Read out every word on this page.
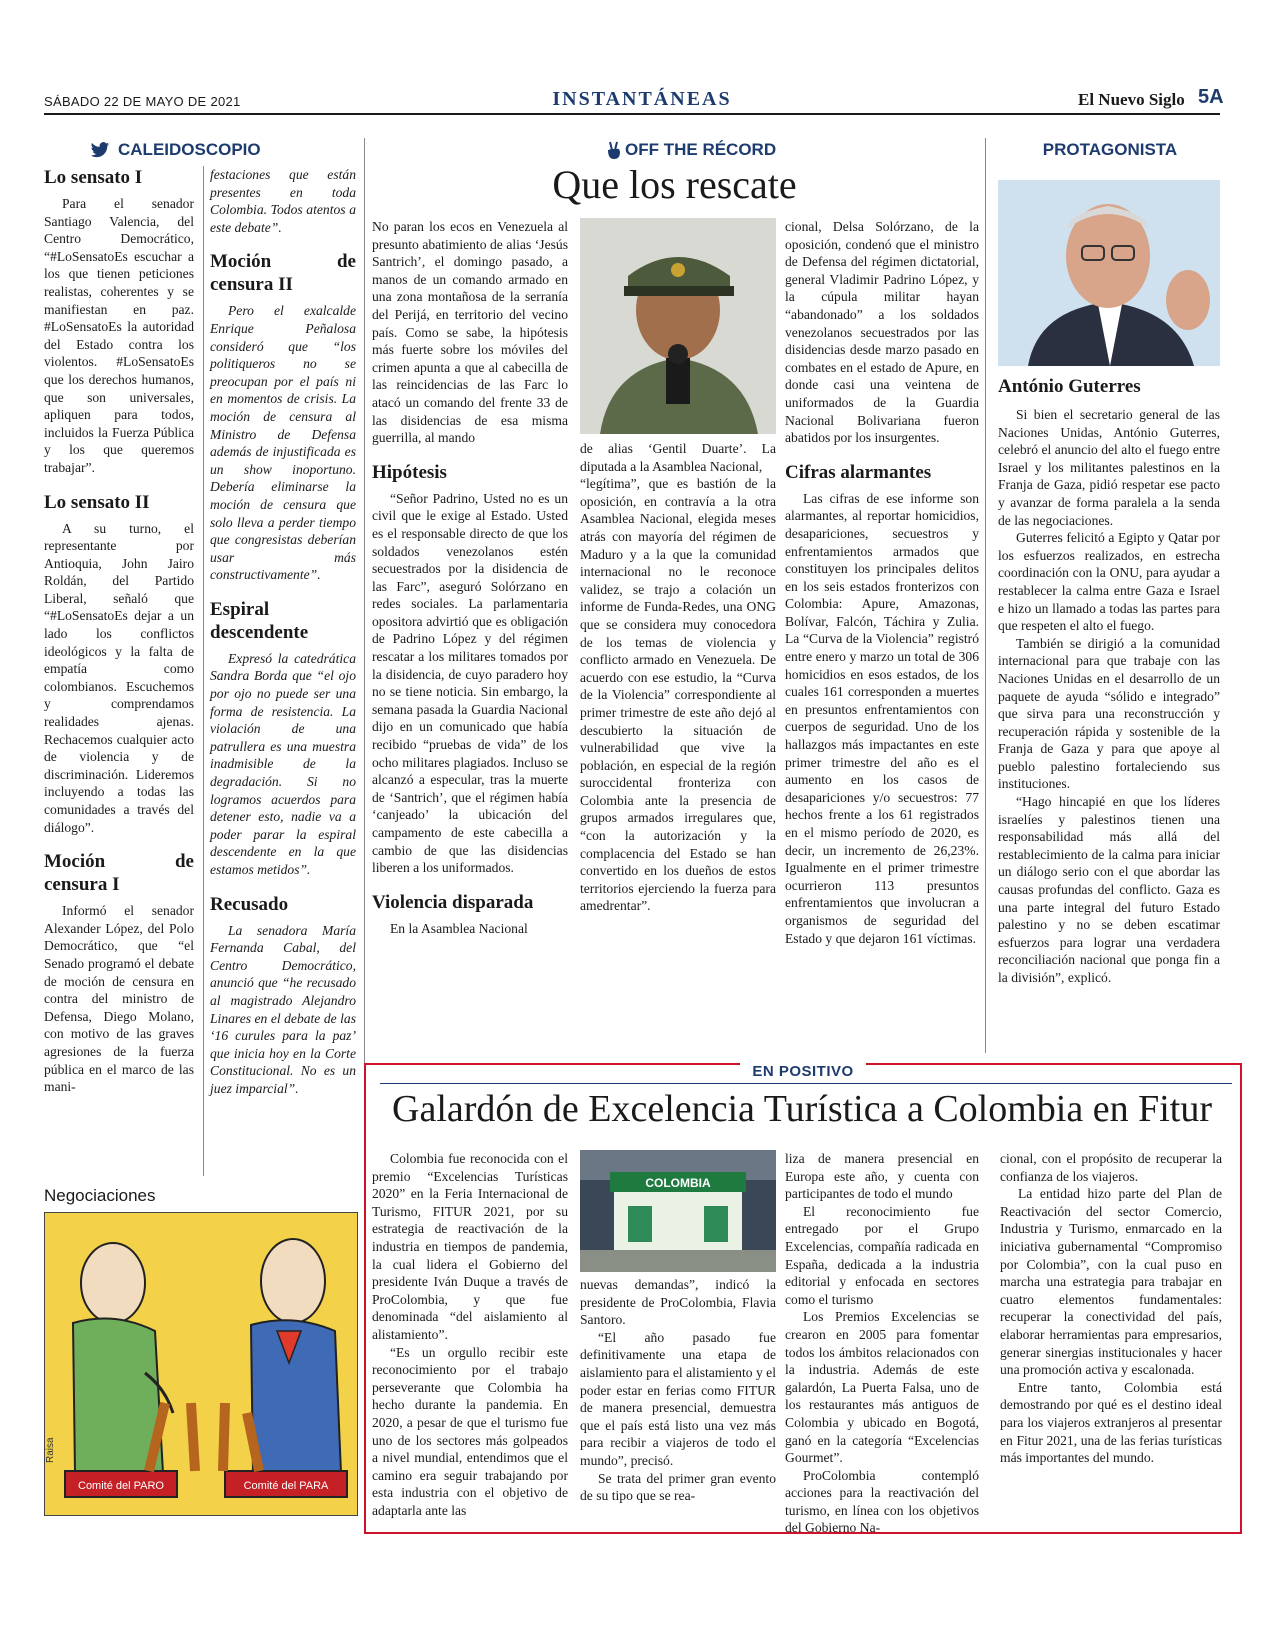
SÁBADO 22 DE MAYO DE 2021	INSTANTÁNEAS	El Nuevo Siglo 5A
CALEIDOSCOPIO
Lo sensato I

Para el senador Santiago Valencia, del Centro Democrático, “#LoSensatoEs escuchar a los que tienen peticiones realistas, coherentes y se manifiestan en paz. #LoSensatoEs la autoridad del Estado contra los violentos. #LoSensatoEs que los derechos humanos, que son universales, apliquen para todos, incluidos la Fuerza Pública y los que queremos trabajar”.

Lo sensato II

A su turno, el representante por Antioquia, John Jairo Roldán, del Partido Liberal, señaló que “#LoSensatoEs dejar a un lado los conflictos ideológicos y la falta de empatía como colombianos. Escuchemos y comprendamos realidades ajenas. Rechacemos cualquier acto de violencia y de discriminación. Lideremos incluyendo a todas las comunidades a través del diálogo”.

Moción de censura I

Informó el senador Alexander López, del Polo Democrático, que “el Senado programó el debate de moción de censura en contra del ministro de Defensa, Diego Molano, con motivo de las graves agresiones de la fuerza pública en el marco de las mani-

festaciones que están presentes en toda Colombia. Todos atentos a este debate”.

Moción de censura II

Pero el exalcalde Enrique Peñalosa consideró que “los politiqueros no se preocupan por el país ni en momentos de crisis. La moción de censura al Ministro de Defensa además de injustificada es un show inoportuno. Debería eliminarse la moción de censura que solo lleva a perder tiempo que congresistas deberían usar más constructivamente”.

Espiral descendente

Expresó la catedrática Sandra Borda que “el ojo por ojo no puede ser una forma de resistencia. La violación de una patrullera es una muestra inadmisible de la degradación. Si no logramos acuerdos para detener esto, nadie va a poder parar la espiral descendente en la que estamos metidos”.

Recusado

La senadora María Fernanda Cabal, del Centro Democrático, anunció que “he recusado al magistrado Alejandro Linares en el debate de las ‘16 curules para la paz’ que inicia hoy en la Corte Constitucional. No es un juez imparcial”.

Negociaciones
Comité del PARO	Comité del PARA
Raisa
OFF THE RÉCORD
Que los rescate

No paran los ecos en Venezuela al presunto abatimiento de alias ‘Jesús Santrich’, el domingo pasado, a manos de un comando armado en una zona montañosa de la serranía del Perijá, en territorio del vecino país. Como se sabe, la hipótesis más fuerte sobre los móviles del crimen apunta a que al cabecilla de las reincidencias de las Farc lo atacó un comando del frente 33 de las disidencias de esa misma guerrilla, al mando

Hipótesis

“Señor Padrino, Usted no es un civil que le exige al Estado. Usted es el responsable directo de que los soldados venezolanos estén secuestrados por la disidencia de las Farc”, aseguró Solórzano en redes sociales. La parlamentaria opositora advirtió que es obligación de Padrino López y del régimen rescatar a los militares tomados por la disidencia, de cuyo paradero hoy no se tiene noticia. Sin embargo, la semana pasada la Guardia Nacional dijo en un comunicado que había recibido “pruebas de vida” de los ocho militares plagiados. Incluso se alcanzó a especular, tras la muerte de ‘Santrich’, que el régimen había ‘canjeado’ la ubicación del campamento de este cabecilla a cambio de que las disidencias liberen a los uniformados.

Violencia disparada

En la Asamblea Nacional

de alias ‘Gentil Duarte’. La diputada a la Asamblea Nacional,

“legítima”, que es bastión de la oposición, en contravía a la otra Asamblea Nacional, elegida meses atrás con mayoría del régimen de Maduro y a la que la comunidad internacional no le reconoce validez, se trajo a colación un informe de Funda-Redes, una ONG que se considera muy conocedora de los temas de violencia y conflicto armado en Venezuela. De acuerdo con ese estudio, la “Curva de la Violencia” correspondiente al primer trimestre de este año dejó al descubierto la situación de vulnerabilidad que vive la población, en especial de la región suroccidental fronteriza con Colombia ante la presencia de grupos armados irregulares que, “con la autorización y la complacencia del Estado se han convertido en los dueños de estos territorios ejerciendo la fuerza para amedrentar”.

cional, Delsa Solórzano, de la oposición, condenó que el ministro de Defensa del régimen dictatorial, general Vladimir Padrino López, y la cúpula militar hayan “abandonado” a los soldados venezolanos secuestrados por las disidencias desde marzo pasado en combates en el estado de Apure, en donde casi una veintena de uniformados de la Guardia Nacional Bolivariana fueron abatidos por los insurgentes.

Cifras alarmantes

Las cifras de ese informe son alarmantes, al reportar homicidios, desapariciones, secuestros y enfrentamientos armados que constituyen los principales delitos en los seis estados fronterizos con Colombia: Apure, Amazonas, Bolívar, Falcón, Táchira y Zulia. La “Curva de la Violencia” registró entre enero y marzo un total de 306 homicidios en esos estados, de los cuales 161 corresponden a muertes en presuntos enfrentamientos con cuerpos de seguridad. Uno de los hallazgos más impactantes en este primer trimestre del año es el aumento en los casos de desapariciones y/o secuestros: 77 hechos frente a los 61 registrados en el mismo período de 2020, es decir, un incremento de 26,23%. Igualmente en el primer trimestre ocurrieron 113 presuntos enfrentamientos que involucran a organismos de seguridad del Estado y que dejaron 161 víctimas.

PROTAGONISTA
António Guterres

Si bien el secretario general de las Naciones Unidas, António Guterres, celebró el anuncio del alto el fuego entre Israel y los militantes palestinos en la Franja de Gaza, pidió respetar ese pacto y avanzar de forma paralela a la senda de las negociaciones.

Guterres felicitó a Egipto y Qatar por los esfuerzos realizados, en estrecha coordinación con la ONU, para ayudar a restablecer la calma entre Gaza e Israel e hizo un llamado a todas las partes para que respeten el alto el fuego.

También se dirigió a la comunidad internacional para que trabaje con las Naciones Unidas en el desarrollo de un paquete de ayuda “sólido e integrado” que sirva para una reconstrucción y recuperación rápida y sostenible de la Franja de Gaza y para que apoye al pueblo palestino fortaleciendo sus instituciones.

“Hago hincapié en que los líderes israelíes y palestinos tienen una responsabilidad más allá del restablecimiento de la calma para iniciar un diálogo serio con el que abordar las causas profundas del conflicto. Gaza es una parte integral del futuro Estado palestino y no se deben escatimar esfuerzos para lograr una verdadera reconciliación nacional que ponga fin a la división”, explicó.

EN POSITIVO
Galardón de Excelencia Turística a Colombia en Fitur
COLOMBIA

Colombia fue reconocida con el premio “Excelencias Turísticas 2020” en la Feria Internacional de Turismo, FITUR 2021, por su estrategia de reactivación de la industria en tiempos de pandemia, la cual lidera el Gobierno del presidente Iván Duque a través de ProColombia, y que fue denominada “del aislamiento al alistamiento”.

“Es un orgullo recibir este reconocimiento por el trabajo perseverante que Colombia ha hecho durante la pandemia. En 2020, a pesar de que el turismo fue uno de los sectores más golpeados a nivel mundial, entendimos que el camino era seguir trabajando por esta industria con el objetivo de adaptarla ante las

nuevas demandas”, indicó la presidente de ProColombia, Flavia Santoro.

“El año pasado fue definitivamente una etapa de aislamiento para el alistamiento y el poder estar en ferias como FITUR de manera presencial, demuestra que el país está listo una vez más para recibir a viajeros de todo el mundo”, precisó.

Se trata del primer gran evento de su tipo que se rea-

liza de manera presencial en Europa este año, y cuenta con participantes de todo el mundo

El reconocimiento fue entregado por el Grupo Excelencias, compañía radicada en España, dedicada a la industria editorial y enfocada en sectores como el turismo

Los Premios Excelencias se crearon en 2005 para fomentar todos los ámbitos relacionados con la industria. Además de este galardón, La Puerta Falsa, uno de los restaurantes más antiguos de Colombia y ubicado en Bogotá, ganó en la categoría “Excelencias Gourmet”.

ProColombia contempló acciones para la reactivación del turismo, en línea con los objetivos del Gobierno Na-

cional, con el propósito de recuperar la confianza de los viajeros.

La entidad hizo parte del Plan de Reactivación del sector Comercio, Industria y Turismo, enmarcado en la iniciativa gubernamental “Compromiso por Colombia”, con la cual puso en marcha una estrategia para trabajar en cuatro elementos fundamentales: recuperar la conectividad del país, elaborar herramientas para empresarios, generar sinergias institucionales y hacer una promoción activa y escalonada.

Entre tanto, Colombia está demostrando por qué es el destino ideal para los viajeros extranjeros al presentar en Fitur 2021, una de las ferias turísticas más importantes del mundo.
